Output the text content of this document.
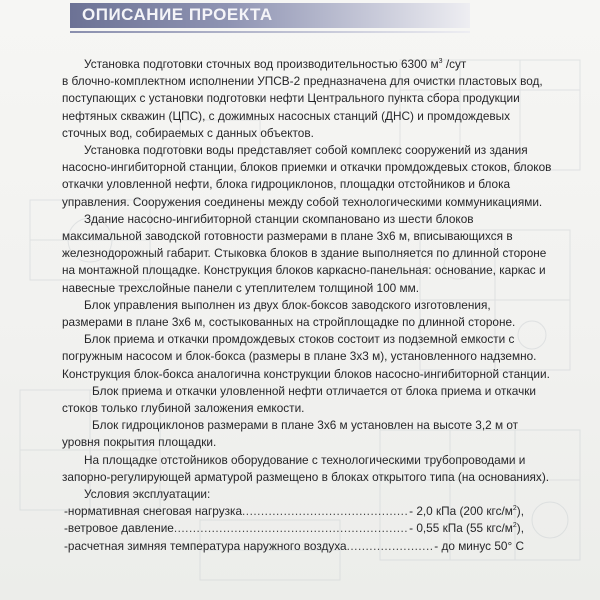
ОПИСАНИЕ ПРОЕКТА

Установка подготовки сточных вод производительностью 6300 $м^3$ /сут
в блочно-комплектном исполнении УПСВ-2 предназначена для очистки пластовых вод, поступающих с установки подготовки нефти Центрального пункта сбора продукции нефтяных скважин (ЦПС), с дожимных насосных станций (ДНС) и промдождевых сточных вод, собираемых с данных объектов.

Установка подготовки воды представляет собой комплекс сооружений из здания насосно-ингибиторной станции, блоков приемки и откачки промдождевых стоков, блоков откачки уловленной нефти, блока гидроциклонов, площадки отстойников и блока управления. Сооружения соединены между собой технологическими коммуникациями.

Здание насосно-ингибиторной станции скомпановано из шести блоков максимальной заводской готовности размерами в плане 3х6 м, вписывающихся в железнодорожный габарит. Стыковка блоков в здание выполняется по длинной стороне на монтажной площадке. Конструкция блоков каркасно-панельная: основание, каркас и навесные трехслойные панели с утеплителем толщиной 100 мм.

Блок управления выполнен из двух блок-боксов заводского изготовления, размерами в плане 3х6 м, состыкованных на стройплощадке по длинной стороне.

Блок приема и откачки промдождевых стоков состоит из подземной емкости с погружным насосом и блок-бокса (размеры в плане 3х3 м), установленного надземно. Конструкция блок-бокса аналогична конструкции блоков насосно-ингибиторной станции.

Блок приема и откачки уловленной нефти отличается от блока приема и откачки стоков только глубиной заложения емкости.

Блок гидроциклонов размерами в плане 3х6 м установлен на высоте 3,2 м от уровня покрытия площадки.

На площадке отстойников оборудование с технологическими трубопроводами и запорно-регулирующей арматурой размещено в блоках открытого типа (на основаниях).

Условия эксплуатации:

-нормативная снеговая нагрузка .....	- 2,0 кПа (200 кгс/$м^2$),
-ветровое давление .....	- 0,55 кПа (55 кгс/$м^2$),
-расчетная зимняя температура наружного воздуха .....	- до минус 50° С
